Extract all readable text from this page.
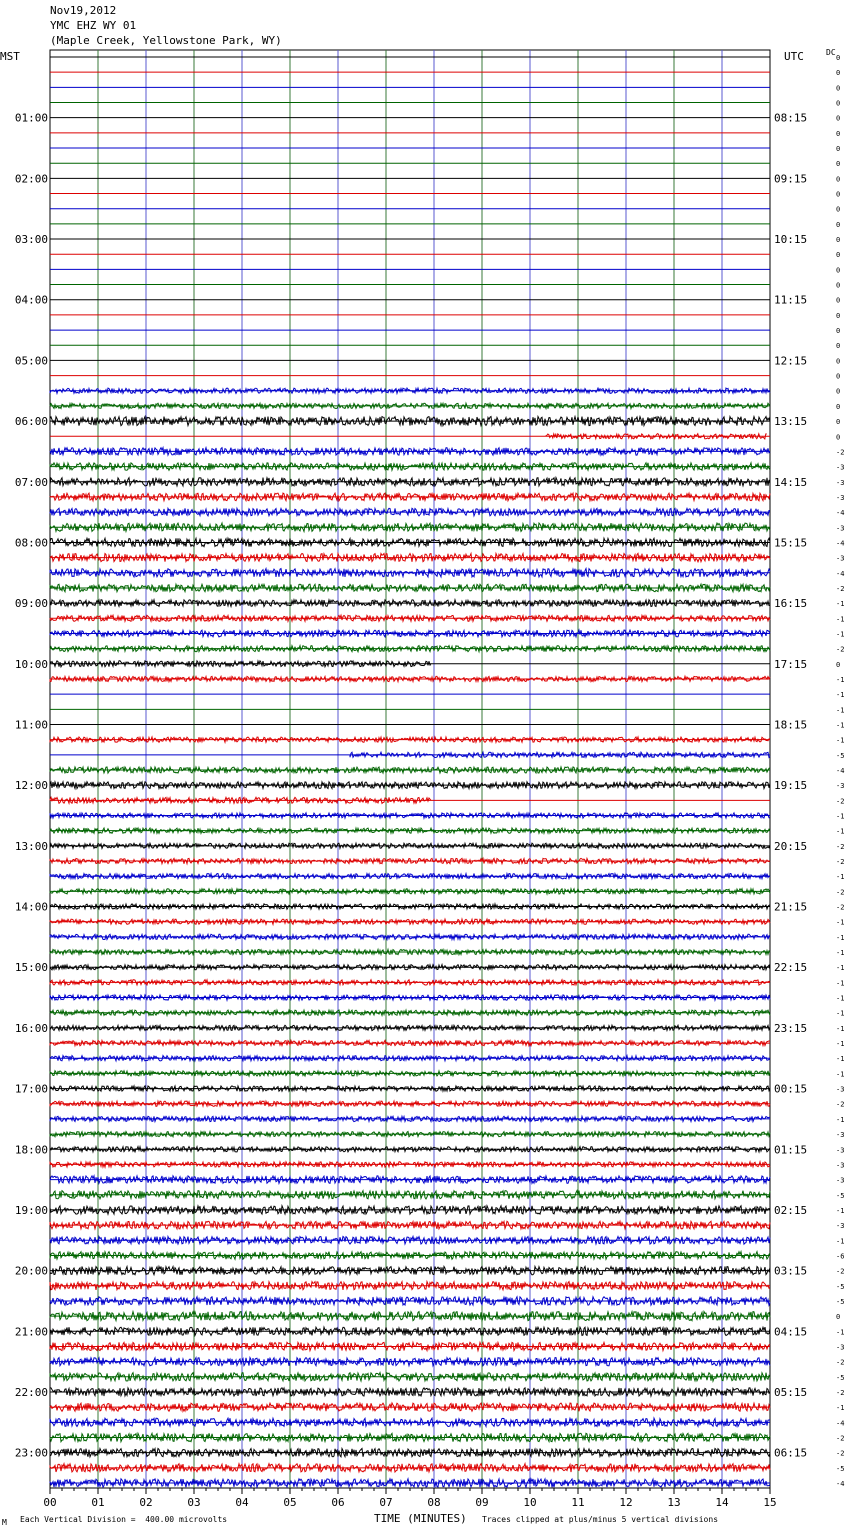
Nov19,2012
YMC EHZ WY 01
(Maple Creek, Yellowstone Park, WY)
MST	UTC	DC
0
0
0
0
0
0
0
0
0
0
0
0
0
0
0
0
0
0
0
0
0
0
0
0
0
0
-2
-3
-3
-3
-4
-3
-4
-3
-4
-2
-1
-1
-1
-2
0
-1
-1
-1
-1
-1
-5
-4
-3
-2
-1
-1
-2
-2
-1
-2
-2
-1
-1
-1
-1
-1
-1
-1
-1
-1
-1
-1
-3
-2
-1
-3
-3
-3
-3
-5
-1
-3
-1
-6
-2
-5
-5
0
-1
-3
-2
-5
-2
-1
-4
-2
-2
-5
-4
01:00
02:00
03:00
04:00
05:00
06:00
07:00
08:00
09:00
10:00
11:00
12:00
13:00
14:00
15:00
16:00
17:00
18:00
19:00
20:00
21:00
22:00
23:00
08:15
09:15
10:15
11:15
12:15
13:15
14:15
15:15
16:15
17:15
18:15
19:15
20:15
21:15
22:15
23:15
00:15
01:15
02:15
03:15
04:15
05:15
06:15
00	01	02	03	04	05	06	07	08	09	10	11	12	13	14	15
M Each Vertical Division =  400.00 microvolts	TIME (MINUTES) Traces clipped at plus/minus 5 vertical divisions
